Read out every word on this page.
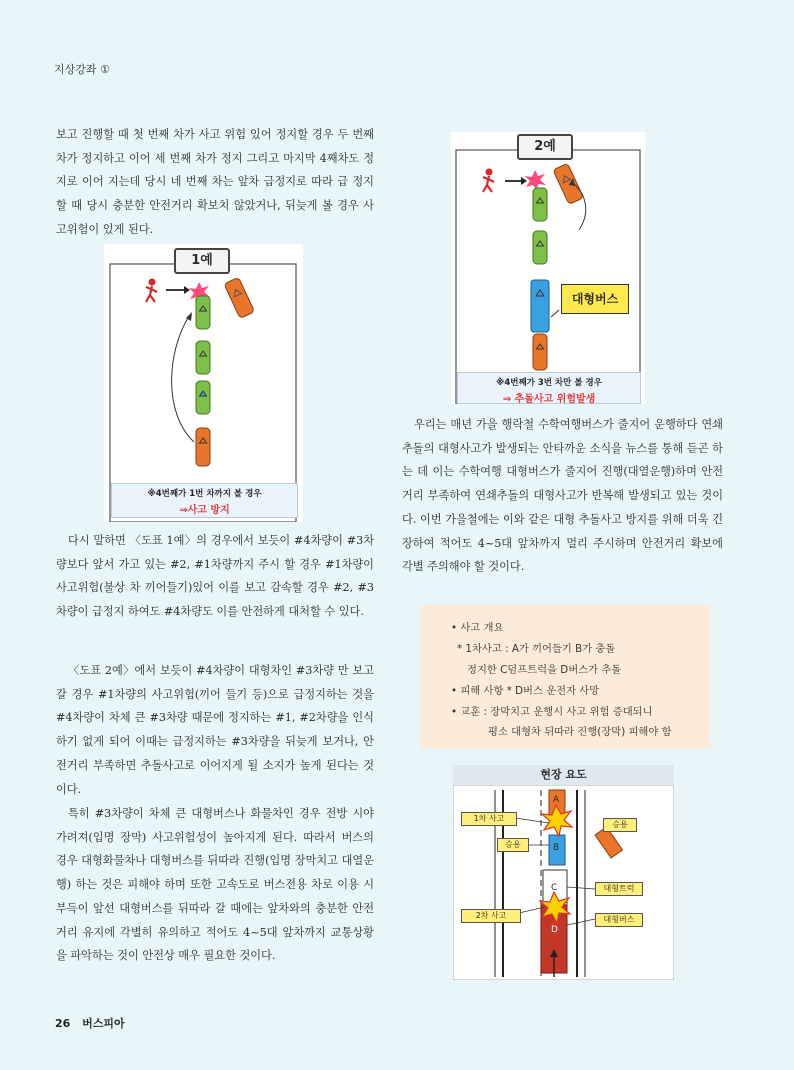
지상강좌 ①

보고 진행할 때 첫 번째 차가 사고 위험 있어 정지할 경우 두 번째 차가 정지하고 이어 세 번째 차가 정지 그리고 마지막 4째차도 정지로 이어 지는데 당시 네 번째 차는 앞차 급정지로 따라 급 정지할 때 당시 충분한 안전거리 확보치 않았거나, 뒤늦게 볼 경우 사고위험이 있게 된다.

1예
※4번째가 1번 차까지 볼 경우
⇒사고 방지

다시 말하면 〈도표 1예〉의 경우에서 보듯이 #4차량이 #3차량보다 앞서 가고 있는 #2, #1차량까지 주시 할 경우 #1차량이 사고위험(불상 차 끼어들기)있어 이를 보고 감속할 경우 #2, #3차량이 급정지 하여도 #4차량도 이를 안전하게 대처할 수 있다.

〈도표 2예〉에서 보듯이 #4차량이 대형차인 #3차량 만 보고 갈 경우 #1차량의 사고위험(끼어 들기 등)으로 급정지하는 것을 #4차량이 차체 큰 #3차량 때문에 정지하는 #1, #2차량을 인식하기 없게 되어 이때는 급정지하는 #3차량을 뒤늦게 보거나, 안전거리 부족하면 추돌사고로 이어지게 될 소지가 높게 된다는 것이다.

특히 #3차량이 차체 큰 대형버스나 화물차인 경우 전방 시야 가려져(입명 장막) 사고위험성이 높아지게 된다. 따라서 버스의 경우 대형화물차나 대형버스를 뒤따라 진행(입명 장막치고 대열운행) 하는 것은 피해야 하며 또한 고속도로 버스전용 차로 이용 시 부득이 앞선 대형버스를 뒤따라 갈 때에는 앞차와의 충분한 안전거리 유지에 각별히 유의하고 적어도 4~5대 앞차까지 교통상황을 파악하는 것이 안전상 매우 필요한 것이다.

2예
대형버스
※4번째가 3번 차만 볼 경우
⇒ 추돌사고 위험발생

우리는 매년 가을 행락철 수학여행버스가 줄지어 운행하다 연쇄추돌의 대형사고가 발생되는 안타까운 소식을 뉴스를 통해 듣곤 하는 데 이는 수학여행 대형버스가 줄지어 진행(대열운행)하며 안전거리 부족하여 연쇄추돌의 대형사고가 반복해 발생되고 있는 것이다. 이번 가을철에는 이와 같은 대형 추돌사고 방지를 위해 더욱 긴장하여 적어도 4~5대 앞차까지 멀리 주시하며 안전거리 확보에 각별 주의해야 할 것이다.

• 사고 개요
* 1차사고 : A가 끼어들기 B가 충돌
정지한 C덤프트럭을 D버스가 추돌
• 피해 사항 * D버스 운전자 사망
• 교훈 : 장막치고 운행시 사고 위험 증대되니
평소 대형차 뒤따라 진행(장막) 피해야 함
현장 요도
1차 사고
승용
승용
대형트럭
2차 사고	대형버스
A
B
C
D
26 버스피아
